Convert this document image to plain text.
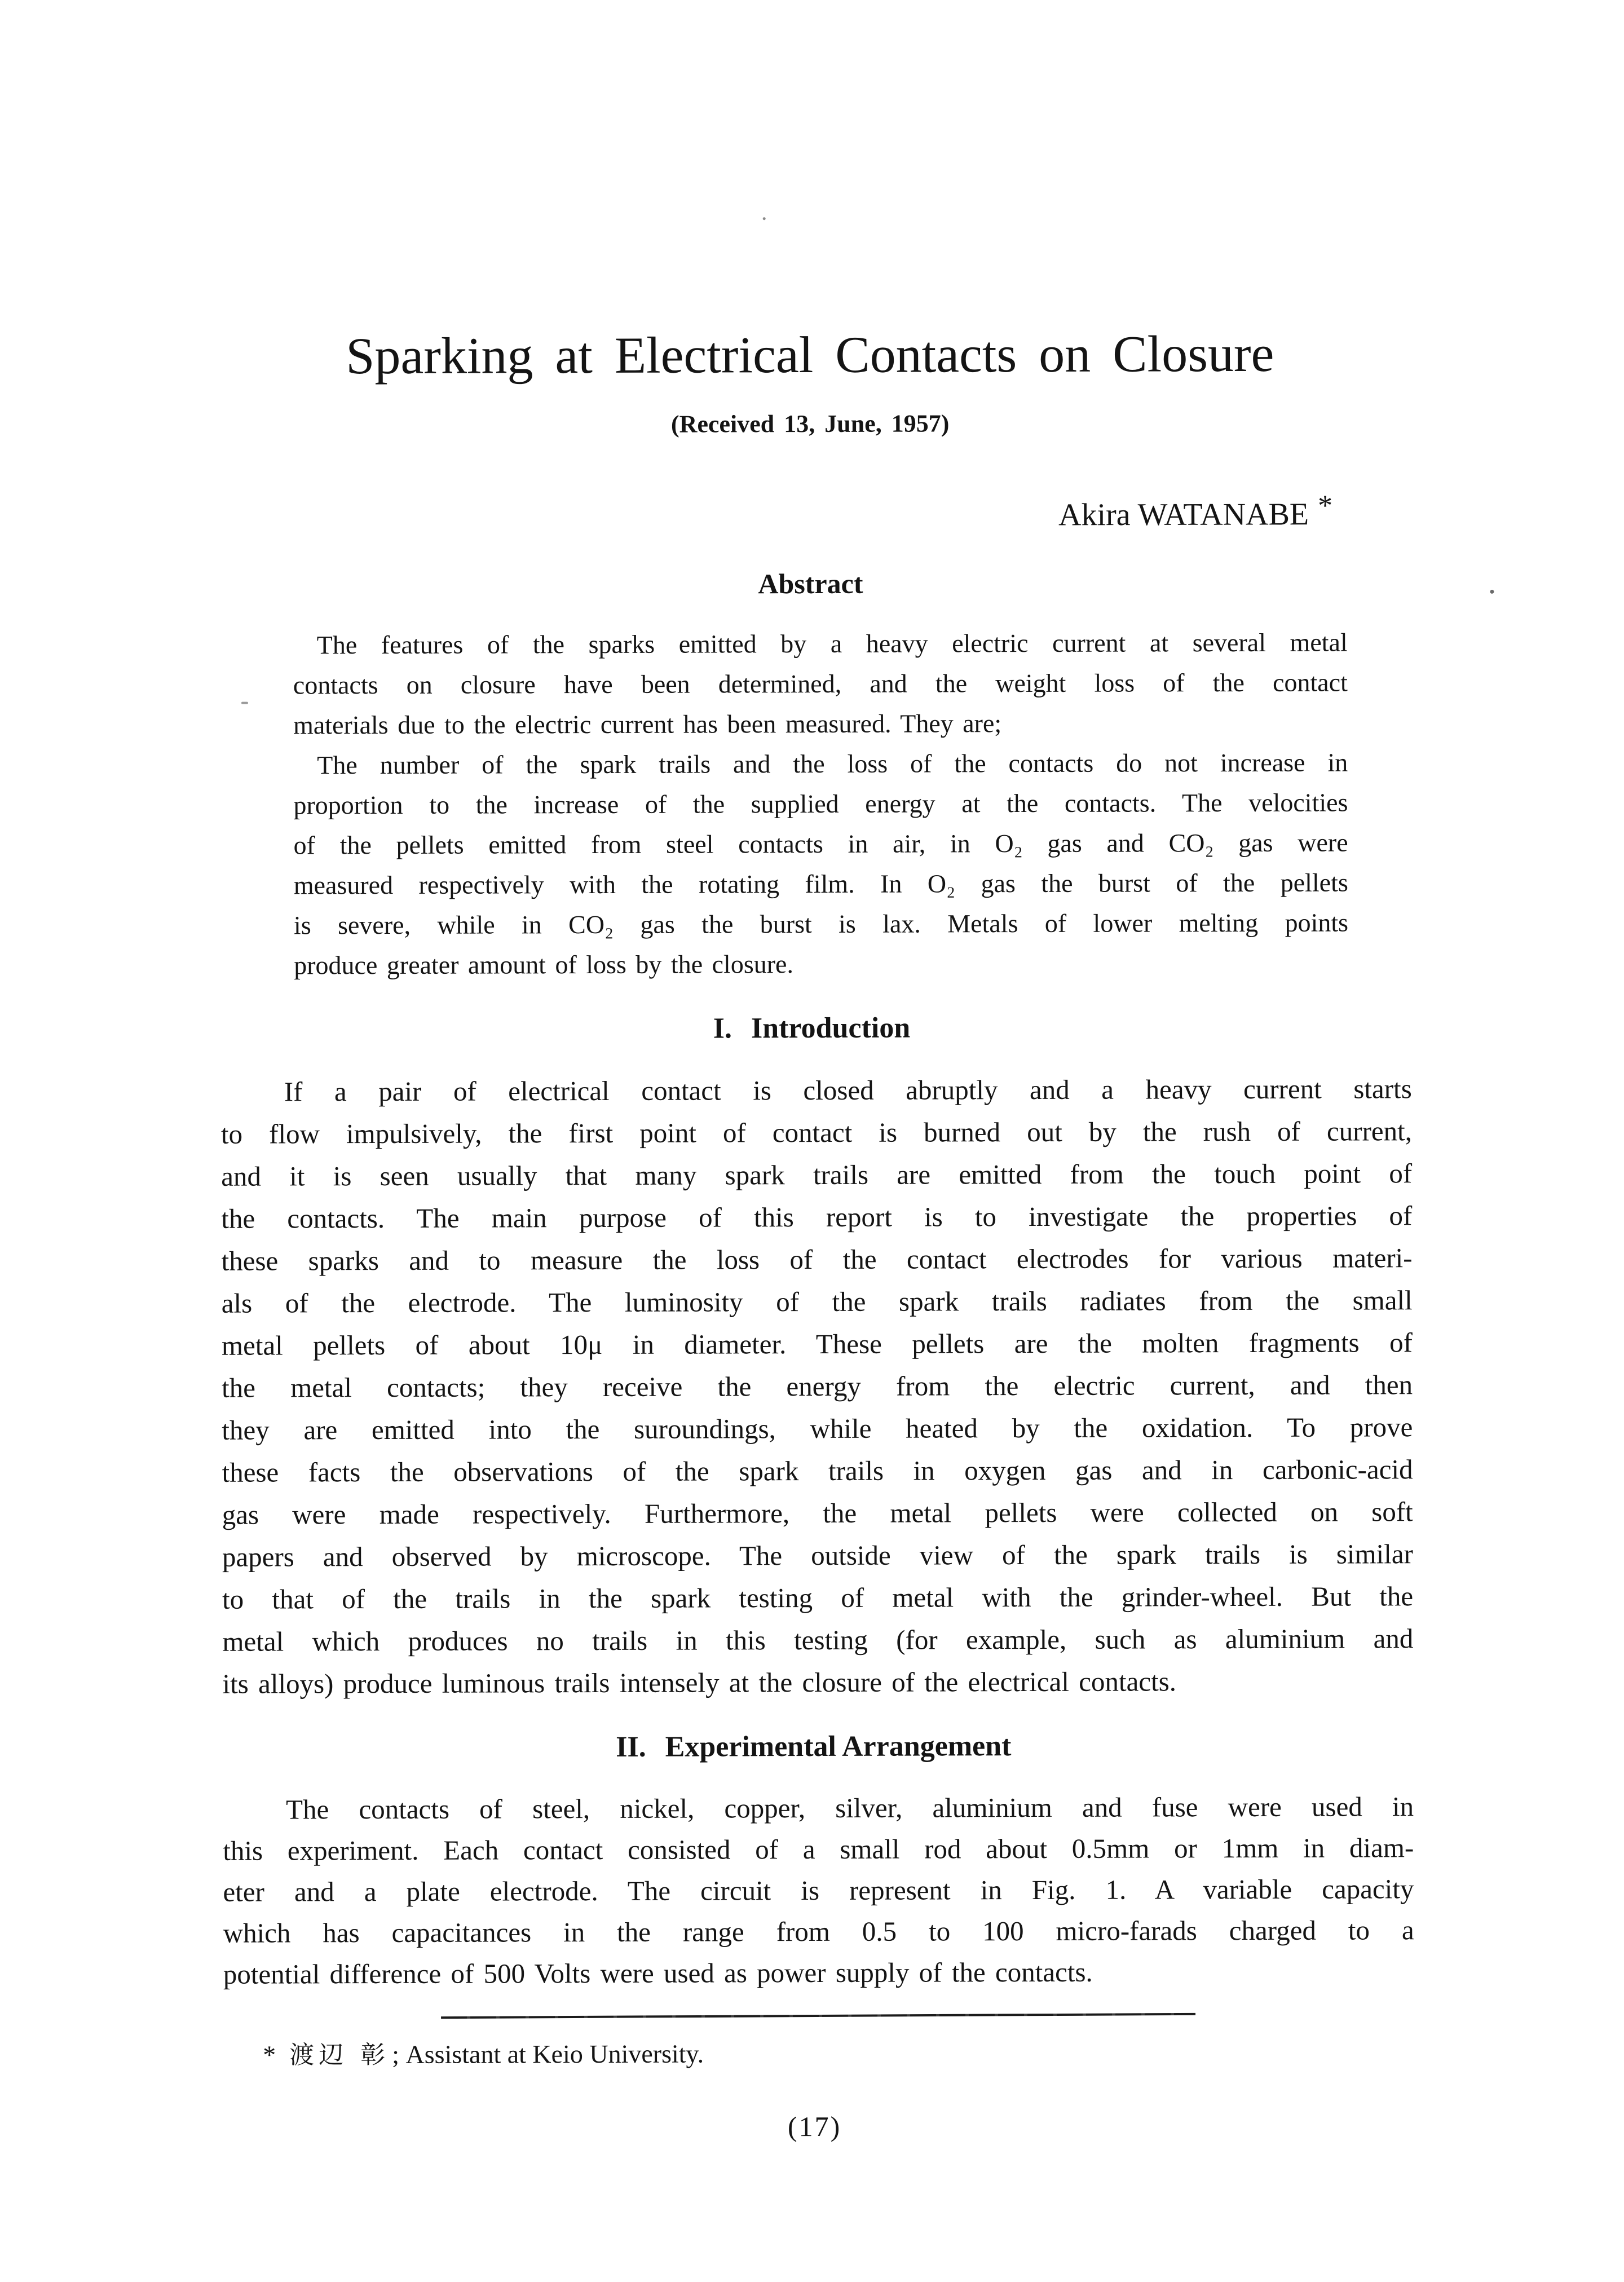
Sparking at Electrical Contacts on Closure
(Received 13, June, 1957)
Akira WATANABE *
Abstract
The features of the sparks emitted by a heavy electric current at several metal
contacts on closure have been determined, and the weight loss of the contact
materials due to the electric current has been measured. They are;
The number of the spark trails and the loss of the contacts do not increase in
proportion to the increase of the supplied energy at the contacts. The velocities
of the pellets emitted from steel contacts in air, in O₂ gas and CO₂ gas were
measured respectively with the rotating film. In O₂ gas the burst of the pellets
is severe, while in CO₂ gas the burst is lax. Metals of lower melting points
produce greater amount of loss by the closure.
I. Introduction
If a pair of electrical contact is closed abruptly and a heavy current starts
to flow impulsively, the first point of contact is burned out by the rush of current,
and it is seen usually that many spark trails are emitted from the touch point of
the contacts. The main purpose of this report is to investigate the properties of
these sparks and to measure the loss of the contact electrodes for various materi-
als of the electrode. The luminosity of the spark trails radiates from the small
metal pellets of about 10μ in diameter. These pellets are the molten fragments of
the metal contacts; they receive the energy from the electric current, and then
they are emitted into the suroundings, while heated by the oxidation. To prove
these facts the observations of the spark trails in oxygen gas and in carbonic-acid
gas were made respectively. Furthermore, the metal pellets were collected on soft
papers and observed by microscope. The outside view of the spark trails is similar
to that of the trails in the spark testing of metal with the grinder-wheel. But the
metal which produces no trails in this testing (for example, such as aluminium and
its alloys) produce luminous trails intensely at the closure of the electrical contacts.
II. Experimental Arrangement
The contacts of steel, nickel, copper, silver, aluminium and fuse were used in
this experiment. Each contact consisted of a small rod about 0.5mm or 1mm in diam-
eter and a plate electrode. The circuit is represent in Fig. 1. A variable capacity
which has capacitances in the range from 0.5 to 100 micro-farads charged to a
potential difference of 500 Volts were used as power supply of the contacts.
* 渡辺 彰; Assistant at Keio University.
(17)
